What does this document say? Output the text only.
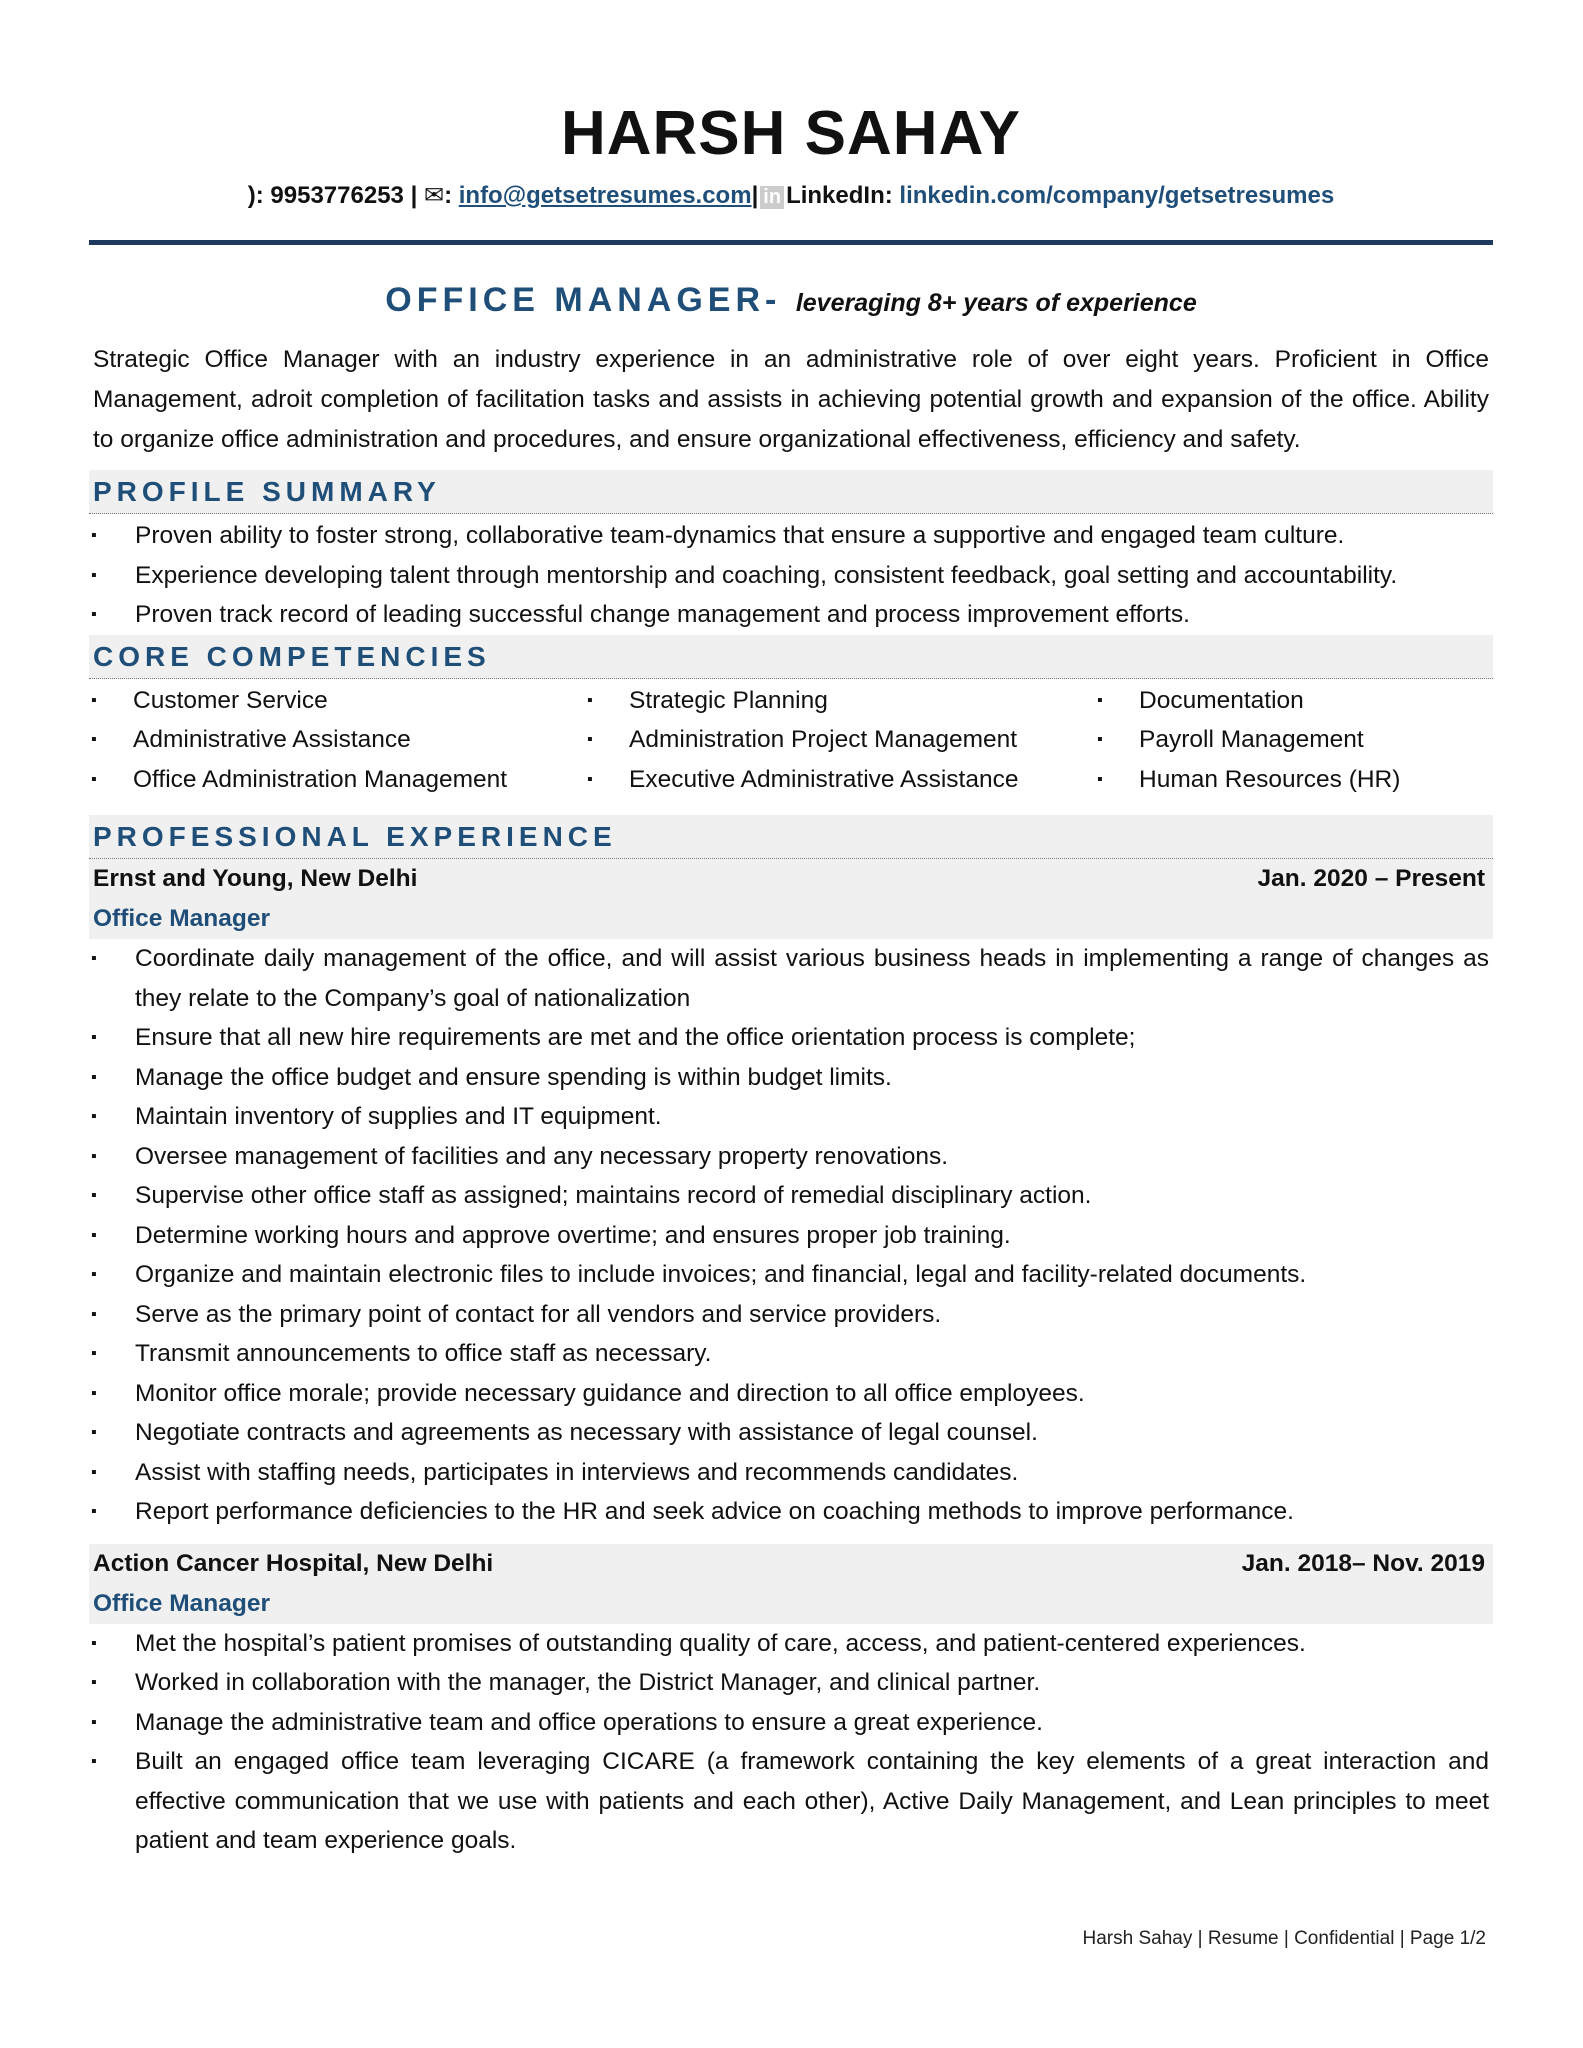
HARSH SAHAY
): 9953776253 | ✉: info@getsetresumes.com| in LinkedIn: linkedin.com/company/getsetresumes
OFFICE MANAGER- leveraging 8+ years of experience
Strategic Office Manager with an industry experience in an administrative role of over eight years. Proficient in Office Management, adroit completion of facilitation tasks and assists in achieving potential growth and expansion of the office. Ability to organize office administration and procedures, and ensure organizational effectiveness, efficiency and safety.
PROFILE SUMMARY
▪ Proven ability to foster strong, collaborative team-dynamics that ensure a supportive and engaged team culture.
▪ Experience developing talent through mentorship and coaching, consistent feedback, goal setting and accountability.
▪ Proven track record of leading successful change management and process improvement efforts.
CORE COMPETENCIES
▪ Customer Service
▪ Administrative Assistance
▪ Office Administration Management
▪ Strategic Planning
▪ Administration Project Management
▪ Executive Administrative Assistance
▪ Documentation
▪ Payroll Management
▪ Human Resources (HR)
PROFESSIONAL EXPERIENCE
Ernst and Young, New Delhi	Jan. 2020 – Present
Office Manager
▪ Coordinate daily management of the office, and will assist various business heads in implementing a range of changes as they relate to the Company’s goal of nationalization
▪ Ensure that all new hire requirements are met and the office orientation process is complete;
▪ Manage the office budget and ensure spending is within budget limits.
▪ Maintain inventory of supplies and IT equipment.
▪ Oversee management of facilities and any necessary property renovations.
▪ Supervise other office staff as assigned; maintains record of remedial disciplinary action.
▪ Determine working hours and approve overtime; and ensures proper job training.
▪ Organize and maintain electronic files to include invoices; and financial, legal and facility-related documents.
▪ Serve as the primary point of contact for all vendors and service providers.
▪ Transmit announcements to office staff as necessary.
▪ Monitor office morale; provide necessary guidance and direction to all office employees.
▪ Negotiate contracts and agreements as necessary with assistance of legal counsel.
▪ Assist with staffing needs, participates in interviews and recommends candidates.
▪ Report performance deficiencies to the HR and seek advice on coaching methods to improve performance.
Action Cancer Hospital, New Delhi	Jan. 2018– Nov. 2019
Office Manager
▪ Met the hospital’s patient promises of outstanding quality of care, access, and patient-centered experiences.
▪ Worked in collaboration with the manager, the District Manager, and clinical partner.
▪ Manage the administrative team and office operations to ensure a great experience.
▪ Built an engaged office team leveraging CICARE (a framework containing the key elements of a great interaction and effective communication that we use with patients and each other), Active Daily Management, and Lean principles to meet patient and team experience goals.
Harsh Sahay | Resume | Confidential | Page 1/2
